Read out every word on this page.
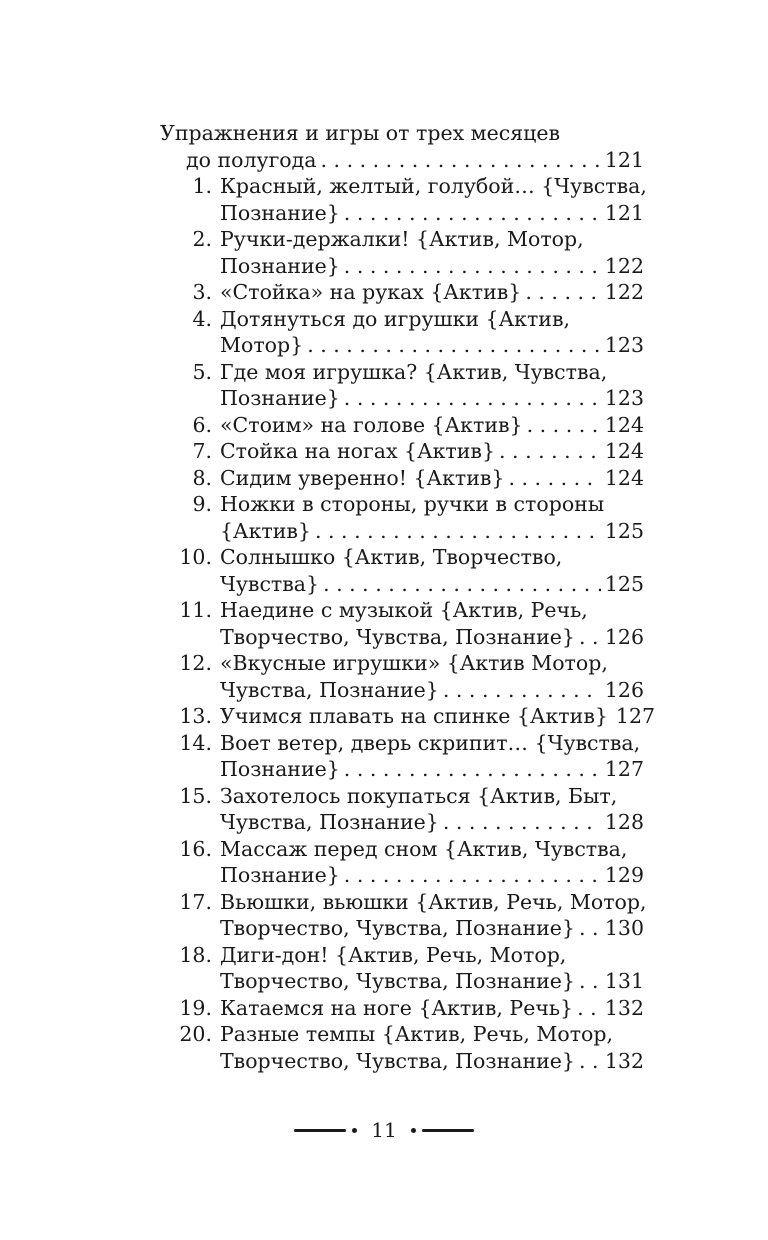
Упражнения и игры от трех месяцев
до полугода . . .	121
1. Красный, желтый, голубой… {Чувства,
Познание} . . .	121
2. Ручки-держалки! {Актив, Мотор,
Познание} . . .	122
3. «Стойка» на руках {Актив} . . .	122
4. Дотянуться до игрушки {Актив,
Мотор} . . .	123
5. Где моя игрушка? {Актив, Чувства,
Познание} . . .	123
6. «Стоим» на голове {Актив} . . .	124
7. Стойка на ногах {Актив} . . .	124
8. Сидим уверенно! {Актив} . . .	124
9. Ножки в стороны, ручки в стороны
{Актив} . . .	125
10. Солнышко {Актив, Творчество,
Чувства} . . .	125
11. Наедине с музыкой {Актив, Речь,
Творчество, Чувства, Познание} . . . 126
12. «Вкусные игрушки» {Актив Мотор,
Чувства, Познание} . . .	126
13. Учимся плавать на спинке {Актив} 127
14. Воет ветер, дверь скрипит… {Чувства,
Познание} . . .	127
15. Захотелось покупаться {Актив, Быт,
Чувства, Познание} . . .	128
16. Массаж перед сном {Актив, Чувства,
Познание} . . .	129
17. Вьюшки, вьюшки {Актив, Речь, Мотор,
Творчество, Чувства, Познание} . . . 130
18. Диги-дон! {Актив, Речь, Мотор,
Творчество, Чувства, Познание} . . . 131
19. Катаемся на ноге {Актив, Речь} . . . 132
20. Разные темпы {Актив, Речь, Мотор,
Творчество, Чувства, Познание} . . . 132
11
